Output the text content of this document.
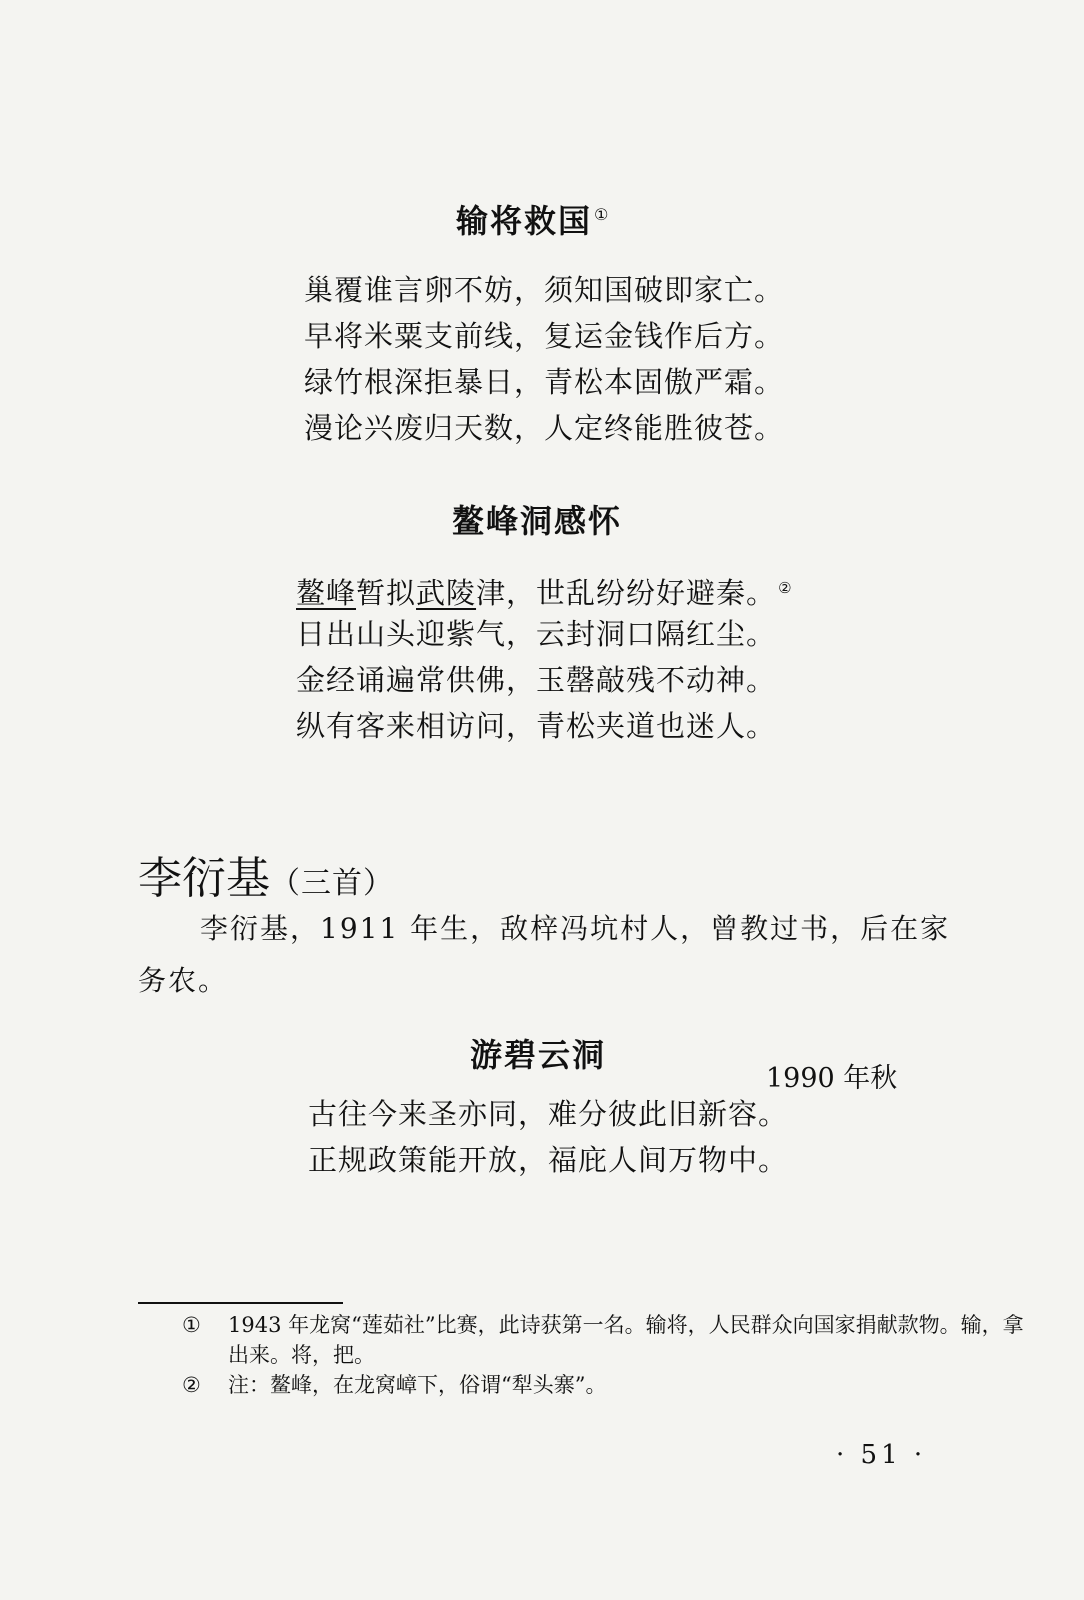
输将救国 ①
巢覆谁言卵不妨，须知国破即家亡。
早将米粟支前线，复运金钱作后方。
绿竹根深拒暴日，青松本固傲严霜。
漫论兴废归天数，人定终能胜彼苍。
鳌峰洞感怀
鳌峰暂拟武陵津，世乱纷纷好避秦。 ②
日出山头迎紫气，云封洞口隔红尘。
金经诵遍常供佛，玉罄敲残不动神。
纵有客来相访问，青松夹道也迷人。
李衍基（三首）
李衍基，1911 年生，敌梓冯坑村人，曾教过书，后在家务农。
游碧云洞
1990 年秋
古往今来圣亦同，难分彼此旧新容。
正规政策能开放，福庇人间万物中。
① 1943 年龙窝“莲茹社”比赛，此诗获第一名。输将，人民群众向国家捐献款物。输，拿出来。将，把。
② 注：鳌峰，在龙窝嶂下，俗谓“犁头寨”。
· 51 ·
